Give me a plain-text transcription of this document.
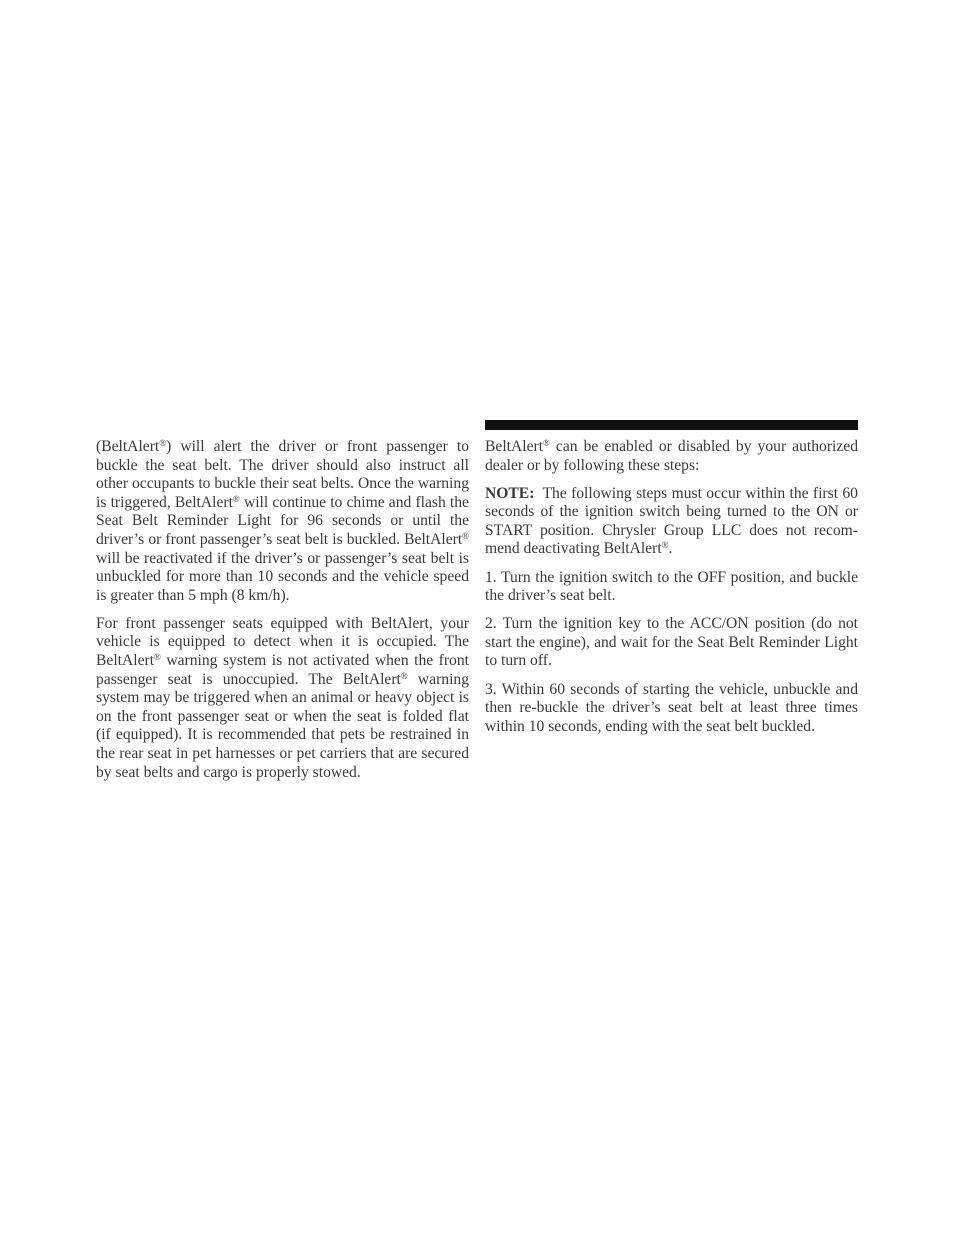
(BeltAlert®) will alert the driver or front passenger to buckle the seat belt. The driver should also instruct all other occupants to buckle their seat belts. Once the warning is triggered, BeltAlert® will continue to chime and flash the Seat Belt Reminder Light for 96 seconds or until the driver’s or front passenger’s seat belt is buckled. BeltAlert® will be reactivated if the driver’s or passenger’s seat belt is unbuckled for more than 10 seconds and the vehicle speed is greater than 5 mph (8 km/h).

For front passenger seats equipped with BeltAlert, your vehicle is equipped to detect when it is occupied. The BeltAlert® warning system is not activated when the front passenger seat is unoccupied. The BeltAlert® warning system may be triggered when an animal or heavy object is on the front passenger seat or when the seat is folded flat (if equipped). It is recommended that pets be restrained in the rear seat in pet harnesses or pet carriers that are secured by seat belts and cargo is properly stowed.

BeltAlert® can be enabled or disabled by your authorized dealer or by following these steps:

NOTE: The following steps must occur within the first 60 seconds of the ignition switch being turned to the ON or START position. Chrysler Group LLC does not recommend deactivating BeltAlert®.

1. Turn the ignition switch to the OFF position, and buckle the driver’s seat belt.

2. Turn the ignition key to the ACC/ON position (do not start the engine), and wait for the Seat Belt Reminder Light to turn off.

3. Within 60 seconds of starting the vehicle, unbuckle and then re-buckle the driver’s seat belt at least three times within 10 seconds, ending with the seat belt buckled.
